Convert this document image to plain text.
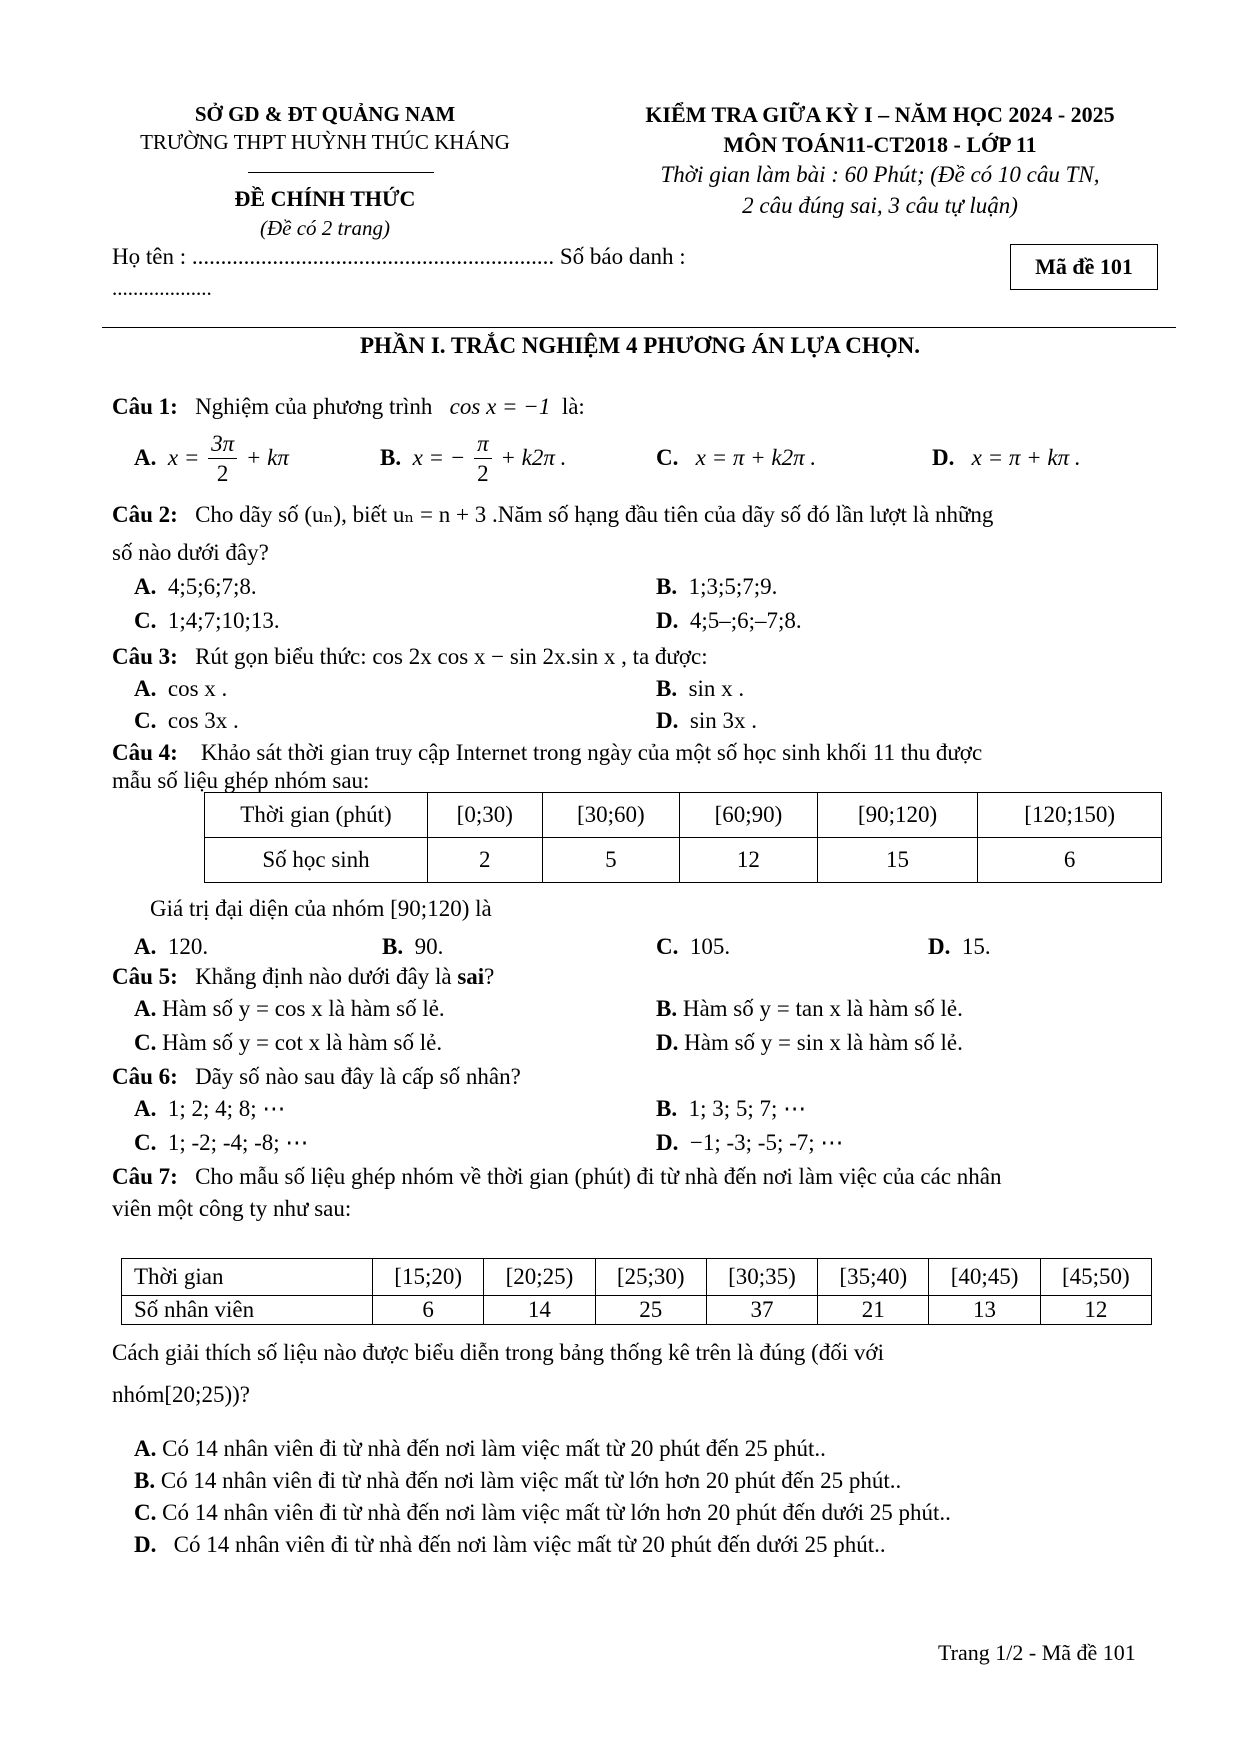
SỞ GD & ĐT QUẢNG NAM
TRƯỜNG THPT HUỲNH THÚC KHÁNG
ĐỀ CHÍNH THỨC
(Đề có 2 trang)
KIỂM TRA GIỮA KỲ I – NĂM HỌC 2024 - 2025
MÔN TOÁN11-CT2018 - LỚP 11
Thời gian làm bài : 60 Phút; (Đề có 10 câu TN,
2 câu đúng sai, 3 câu tự luận)
Họ tên : ............................................................... Số báo danh :
...................
Mã đề 101
PHẦN I. TRẮC NGHIỆM 4 PHƯƠNG ÁN LỰA CHỌN.
Câu 1: Nghiệm của phương trình cos x = −1 là:
A. $x = \frac{3\pi}{2} + k\pi$	B. x = − $\frac{\pi}{2} + k2\pi$ .	C. x = π + k2π .	D. x = π + kπ .
Câu 2: Cho dãy số (uₙ), biết uₙ = n + 3 .Năm số hạng đầu tiên của dãy số đó lần lượt là những
số nào dưới đây?
A. 4;5;6;7;8.	B. 1;3;5;7;9.
C. 1;4;7;10;13.	D. 4;5–;6;–7;8.
Câu 3: Rút gọn biểu thức: cos 2x cos x − sin 2x.sin x , ta được:
A. cos x .	B. sin x .
C. cos 3x .	D. sin 3x .
Câu 4: Khảo sát thời gian truy cập Internet trong ngày của một số học sinh khối 11 thu được
mẫu số liệu ghép nhóm sau:
Thời gian (phút)	[0;30)	[30;60)	[60;90)	[90;120)	[120;150)
Số học sinh	2	5	12	15	6
Giá trị đại diện của nhóm [90;120) là
A. 120.	B. 90.	C. 105.	D. 15.
Câu 5: Khẳng định nào dưới đây là sai?
A. Hàm số y = cos x là hàm số lẻ.	B. Hàm số y = tan x là hàm số lẻ.
C. Hàm số y = cot x là hàm số lẻ.	D. Hàm số y = sin x là hàm số lẻ.
Câu 6: Dãy số nào sau đây là cấp số nhân?
A. 1; 2; 4; 8; ⋯	B. 1; 3; 5; 7; ⋯
C. 1; -2; -4; -8; ⋯	D. −1; -3; -5; -7; ⋯
Câu 7: Cho mẫu số liệu ghép nhóm về thời gian (phút) đi từ nhà đến nơi làm việc của các nhân
viên một công ty như sau:
Thời gian	[15;20)	[20;25)	[25;30)	[30;35)	[35;40)	[40;45)	[45;50)
Số nhân viên	6	14	25	37	21	13	12
Cách giải thích số liệu nào được biểu diễn trong bảng thống kê trên là đúng (đối với
nhóm[20;25))?
A. Có 14 nhân viên đi từ nhà đến nơi làm việc mất từ 20 phút đến 25 phút..
B. Có 14 nhân viên đi từ nhà đến nơi làm việc mất từ lớn hơn 20 phút đến 25 phút..
C. Có 14 nhân viên đi từ nhà đến nơi làm việc mất từ lớn hơn 20 phút đến dưới 25 phút..
D. Có 14 nhân viên đi từ nhà đến nơi làm việc mất từ 20 phút đến dưới 25 phút..
Trang 1/2 - Mã đề 101
